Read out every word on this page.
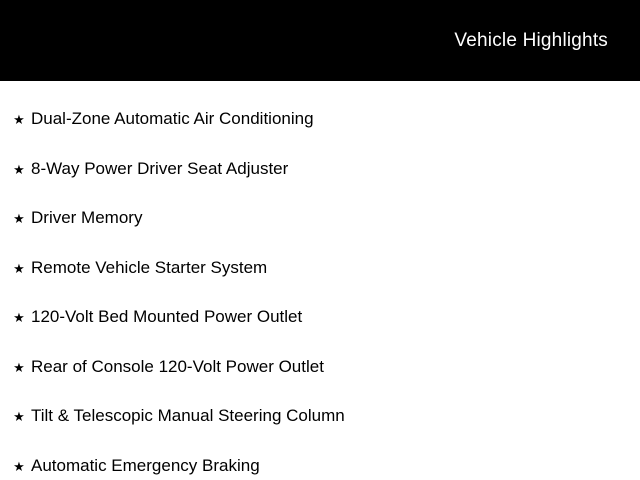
Vehicle Highlights
★ Dual-Zone Automatic Air Conditioning
★ 8-Way Power Driver Seat Adjuster
★ Driver Memory
★ Remote Vehicle Starter System
★ 120-Volt Bed Mounted Power Outlet
★ Rear of Console 120-Volt Power Outlet
★ Tilt & Telescopic Manual Steering Column
★ Automatic Emergency Braking
